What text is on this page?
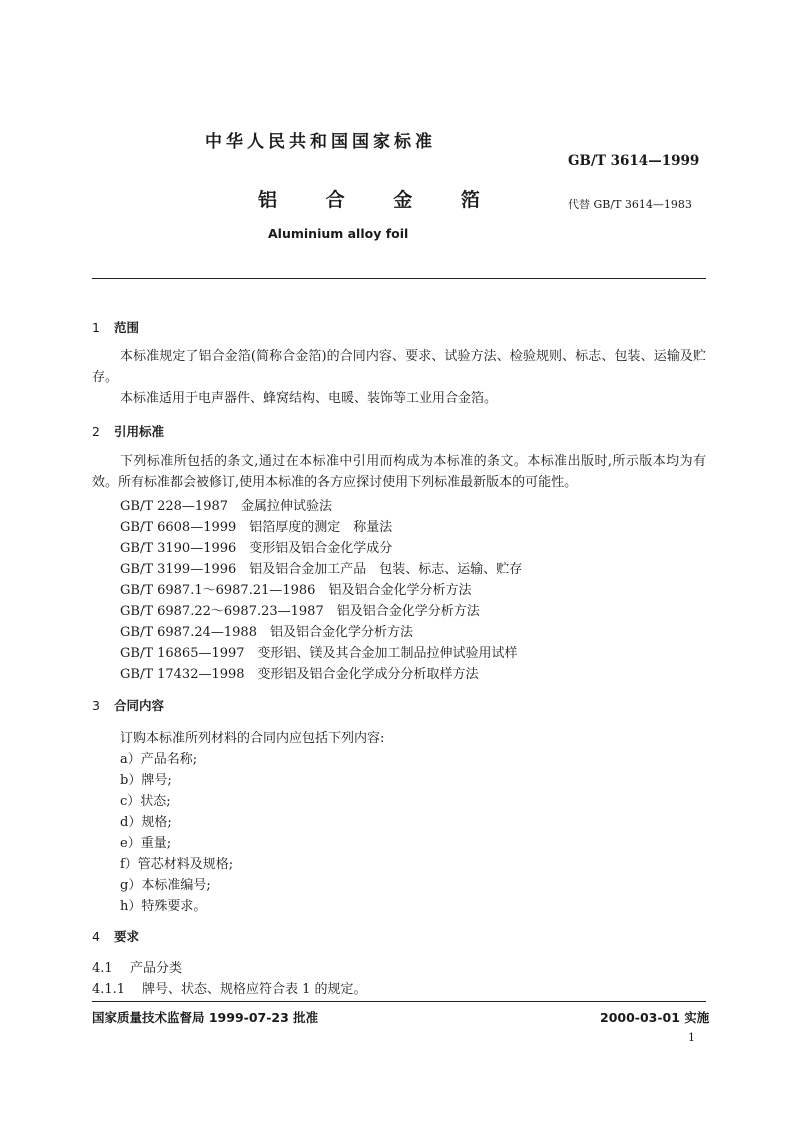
中华人民共和国国家标准
GB/T 3614—1999
铝 合 金 箔	代替 GB/T 3614—1983
Aluminium alloy foil
1 范围
本标准规定了铝合金箔(简称合金箔)的合同内容、要求、试验方法、检验规则、标志、包装、运输及贮存。
本标准适用于电声器件、蜂窝结构、电暖、装饰等工业用合金箔。
2 引用标准
下列标准所包括的条文,通过在本标准中引用而构成为本标准的条文。本标准出版时,所示版本均为有效。所有标准都会被修订,使用本标准的各方应探讨使用下列标准最新版本的可能性。
GB/T 228—1987　金属拉伸试验法
GB/T 6608—1999　铝箔厚度的测定　称量法
GB/T 3190—1996　变形铝及铝合金化学成分
GB/T 3199—1996　铝及铝合金加工产品　包装、标志、运输、贮存
GB/T 6987.1～6987.21—1986　铝及铝合金化学分析方法
GB/T 6987.22～6987.23—1987　铝及铝合金化学分析方法
GB/T 6987.24—1988　铝及铝合金化学分析方法
GB/T 16865—1997　变形铝、镁及其合金加工制品拉伸试验用试样
GB/T 17432—1998　变形铝及铝合金化学成分分析取样方法
3 合同内容
订购本标准所列材料的合同内应包括下列内容:
a）产品名称;
b）牌号;
c）状态;
d）规格;
e）重量;
f）管芯材料及规格;
g）本标准编号;
h）特殊要求。
4 要求
4.1 产品分类
4.1.1 牌号、状态、规格应符合表 1 的规定。
国家质量技术监督局 1999-07-23 批准	2000-03-01 实施
1
